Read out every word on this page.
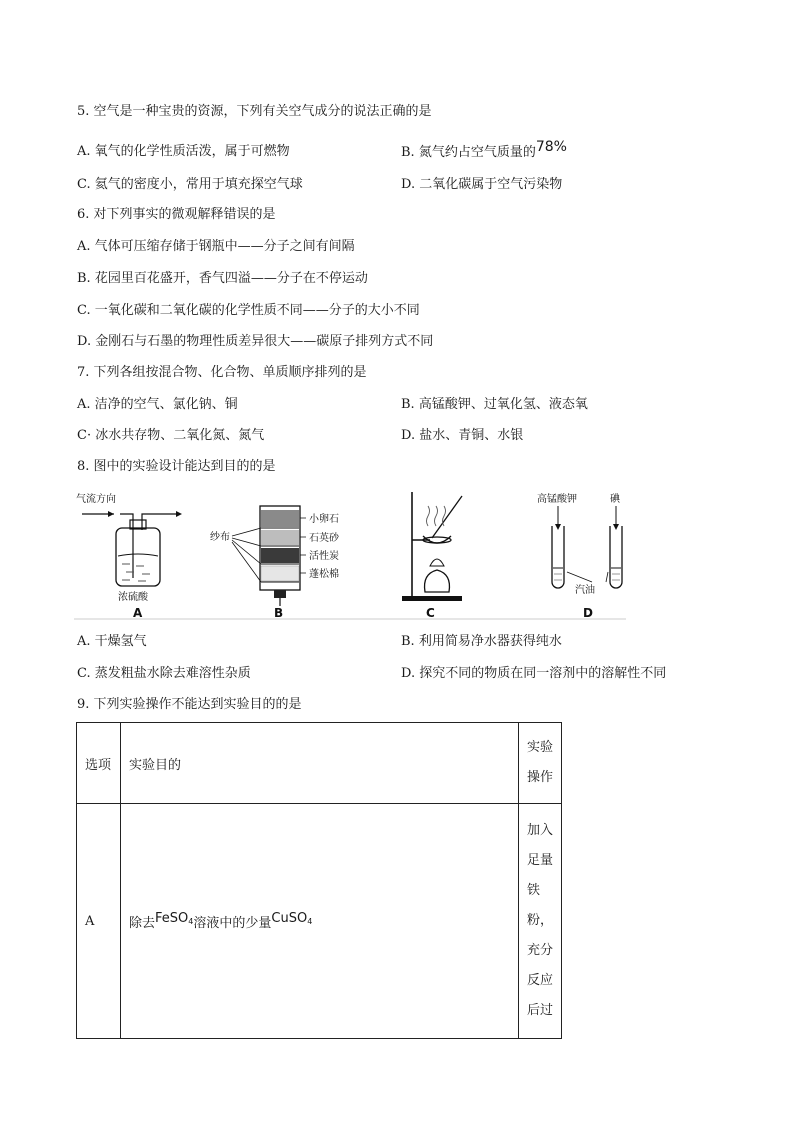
5. 空气是一种宝贵的资源，下列有关空气成分的说法正确的是
A. 氧气的化学性质活泼，属于可燃物	B. 氮气约占空气质量的78%
C. 氦气的密度小，常用于填充探空气球	D. 二氧化碳属于空气污染物
6. 对下列事实的微观解释错误的是
A. 气体可压缩存储于钢瓶中——分子之间有间隔
B. 花园里百花盛开，香气四溢——分子在不停运动
C. 一氧化碳和二氧化碳的化学性质不同——分子的大小不同
D. 金刚石与石墨的物理性质差异很大——碳原子排列方式不同
7. 下列各组按混合物、化合物、单质顺序排列的是
A. 洁净的空气、氯化钠、铜	B. 高锰酸钾、过氧化氢、液态氧
C· 冰水共存物、二氧化氮、氮气	D. 盐水、青铜、水银
8. 图中的实验设计能达到目的的是
气流方向
浓硫酸
A
纱布
小卵石
石英砂
活性炭
蓬松棉
B	C
高锰酸钾	碘
汽油
D
A. 干燥氢气	B. 利用简易净水器获得纯水
C. 蒸发粗盐水除去难溶性杂质	D. 探究不同的物质在同一溶剂中的溶解性不同
9. 下列实验操作不能达到实验目的的是
选项	实验目的	实验操作
A	除去FeSO$_4$溶液中的少量CuSO$_4$	加入足量铁粉，充分反应后过
